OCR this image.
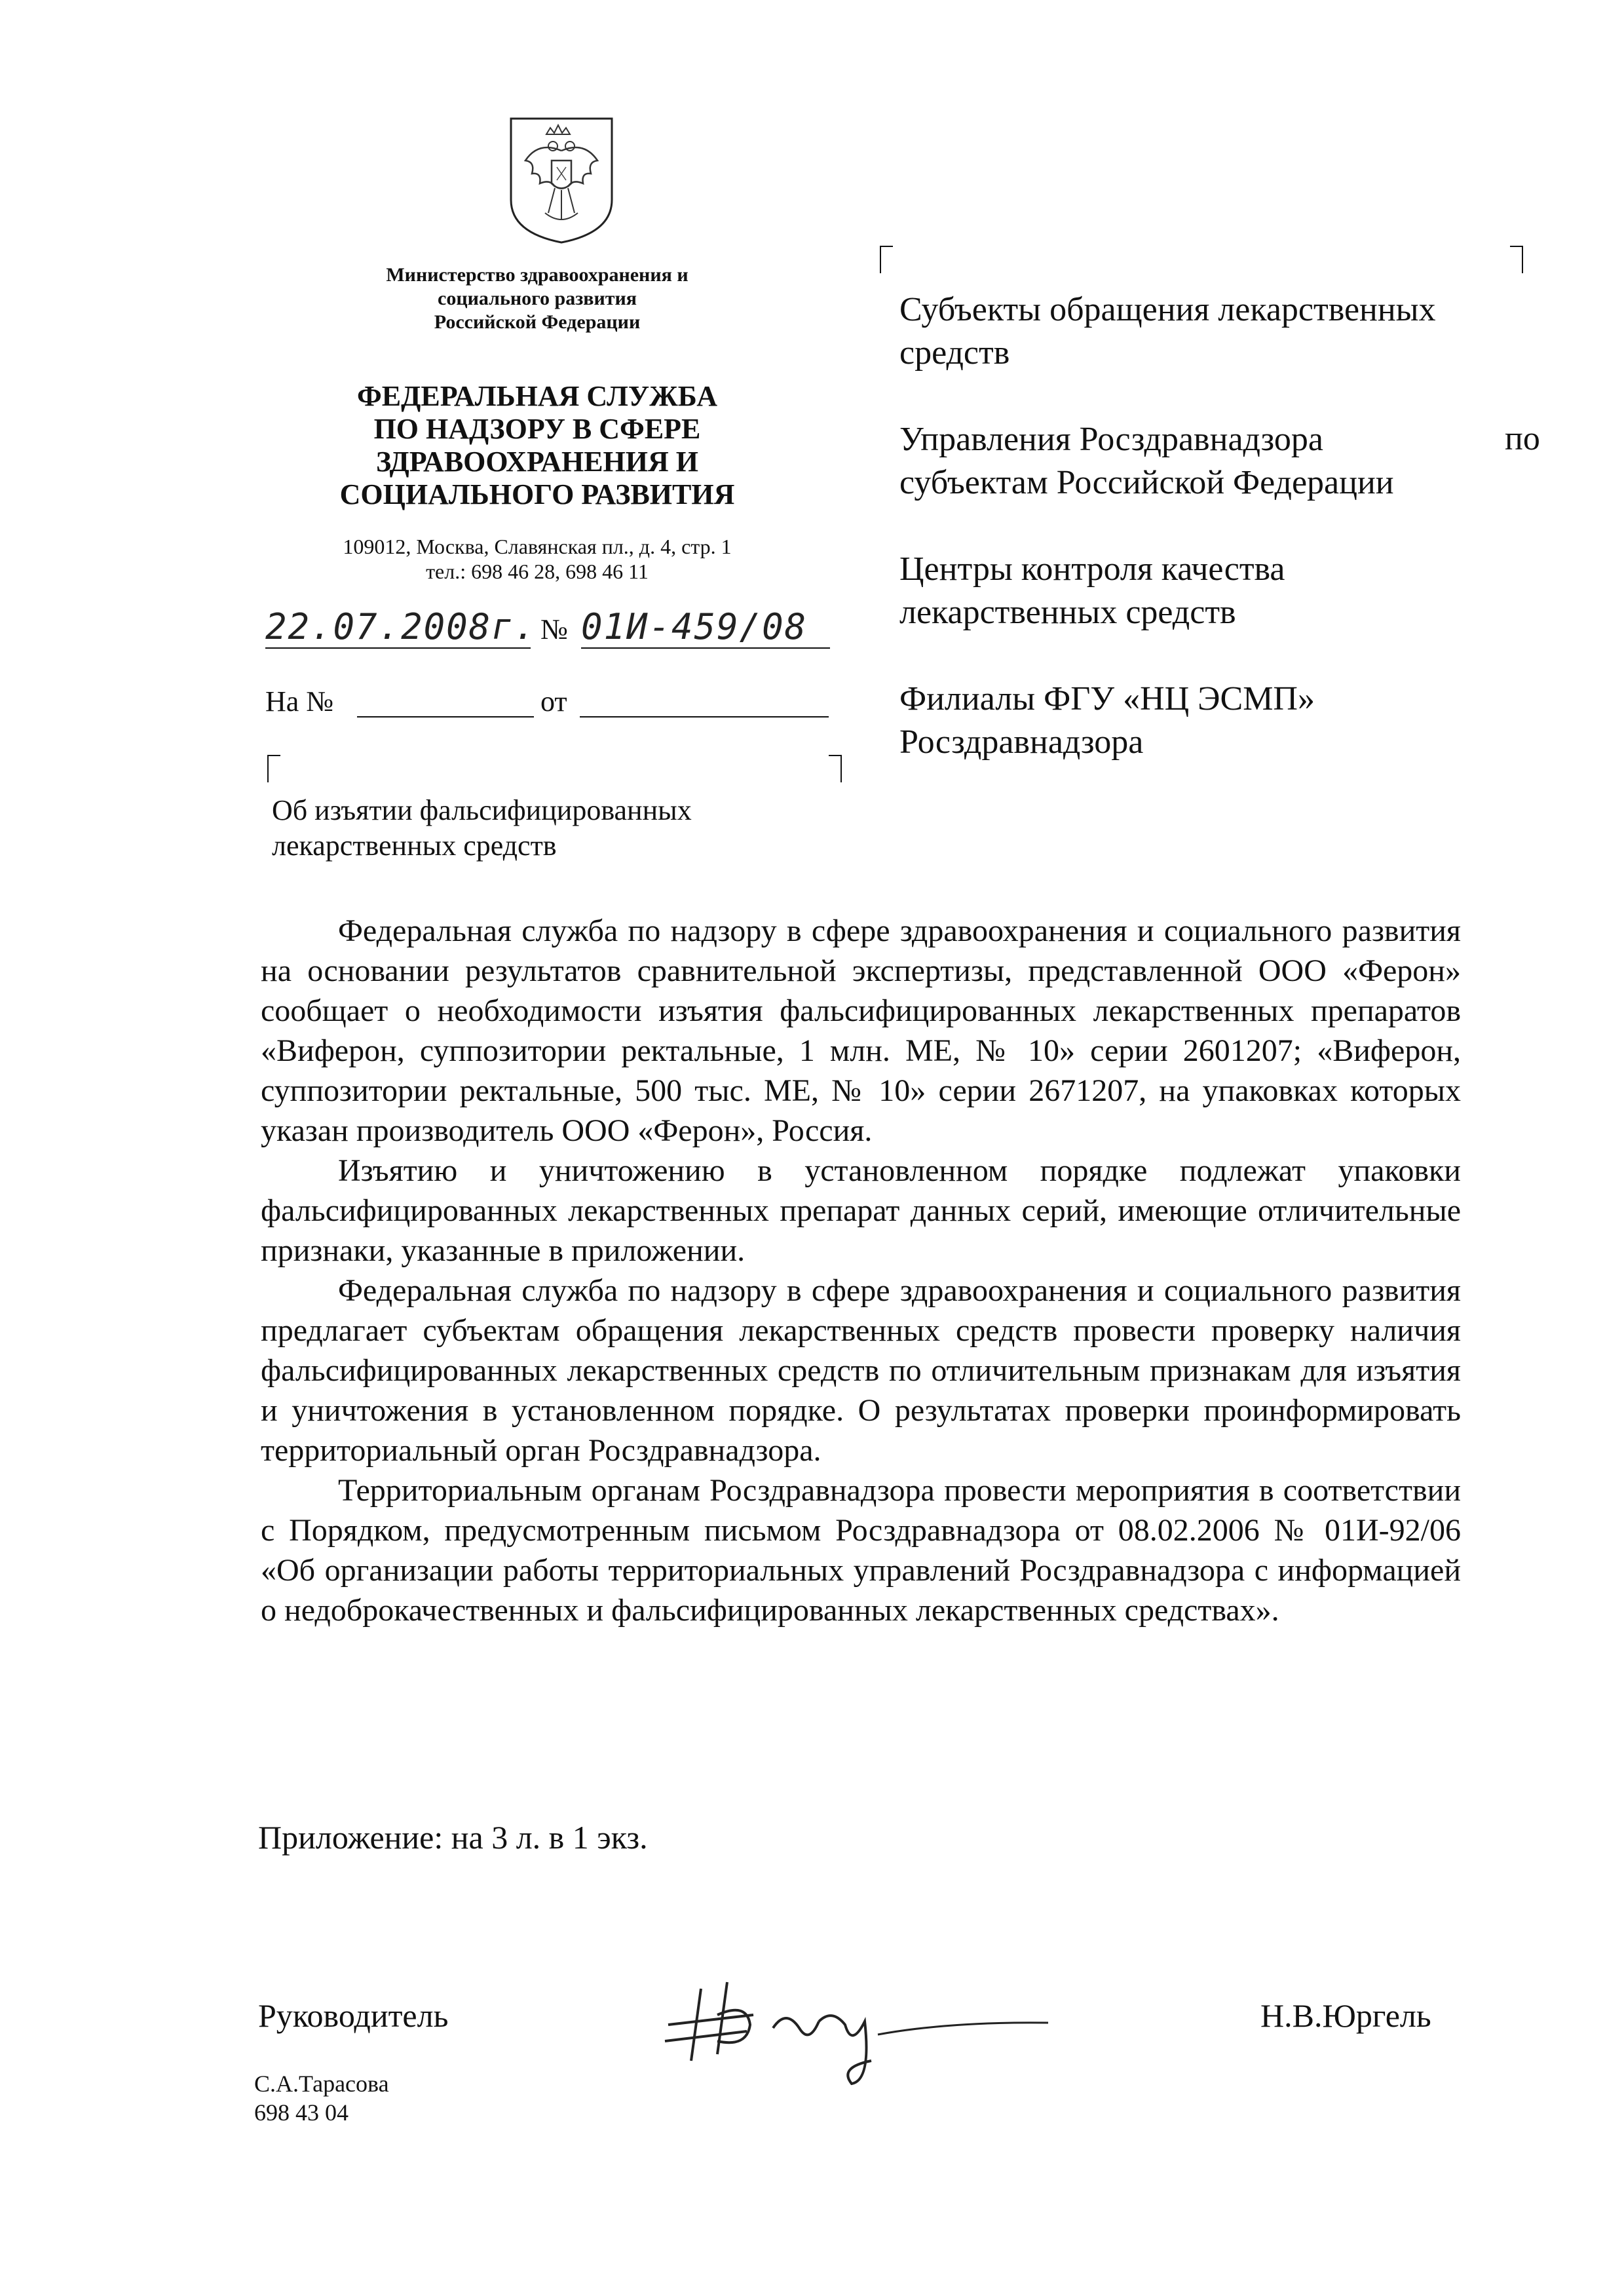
Министерство здравоохранения и
социального развития
Российской Федерации
ФЕДЕРАЛЬНАЯ СЛУЖБА
ПО НАДЗОРУ В СФЕРЕ
ЗДРАВООХРАНЕНИЯ И
СОЦИАЛЬНОГО РАЗВИТИЯ
109012, Москва, Славянская пл., д. 4, стр. 1
тел.: 698 46 28, 698 46 11
22.07.2008г. № 01И-459/08
На №	от
Об изъятии фальсифицированных
лекарственных средств
Субъекты обращения лекарственных
средств
Управления Росздравнадзора
субъектам Российской Федерации
Центры контроля качества
лекарственных средств
Филиалы ФГУ «НЦ ЭСМП»
Росздравнадзора
по

Федеральная служба по надзору в сфере здравоохранения и социального развития на основании результатов сравнительной экспертизы, представленной ООО «Ферон» сообщает о необходимости изъятия фальсифицированных лекарственных препаратов «Виферон, суппозитории ректальные, 1 млн. МЕ, № 10» серии 2601207; «Виферон, суппозитории ректальные, 500 тыс. МЕ, № 10» серии 2671207, на упаковках которых указан производитель ООО «Ферон», Россия.

Изъятию и уничтожению в установленном порядке подлежат упаковки фальсифицированных лекарственных препарат данных серий, имеющие отличительные признаки, указанные в приложении.

Федеральная служба по надзору в сфере здравоохранения и социального развития предлагает субъектам обращения лекарственных средств провести проверку наличия фальсифицированных лекарственных средств по отличительным признакам для изъятия и уничтожения в установленном порядке. О результатах проверки проинформировать территориальный орган Росздравнадзора.

Территориальным органам Росздравнадзора провести мероприятия в соответствии с Порядком, предусмотренным письмом Росздравнадзора от 08.02.2006 № 01И-92/06 «Об организации работы территориальных управлений Росздравнадзора с информацией о недоброкачественных и фальсифицированных лекарственных средствах».

Приложение: на 3 л. в 1 экз.
Руководитель	Н.В.Юргель
С.А.Тарасова
698 43 04
